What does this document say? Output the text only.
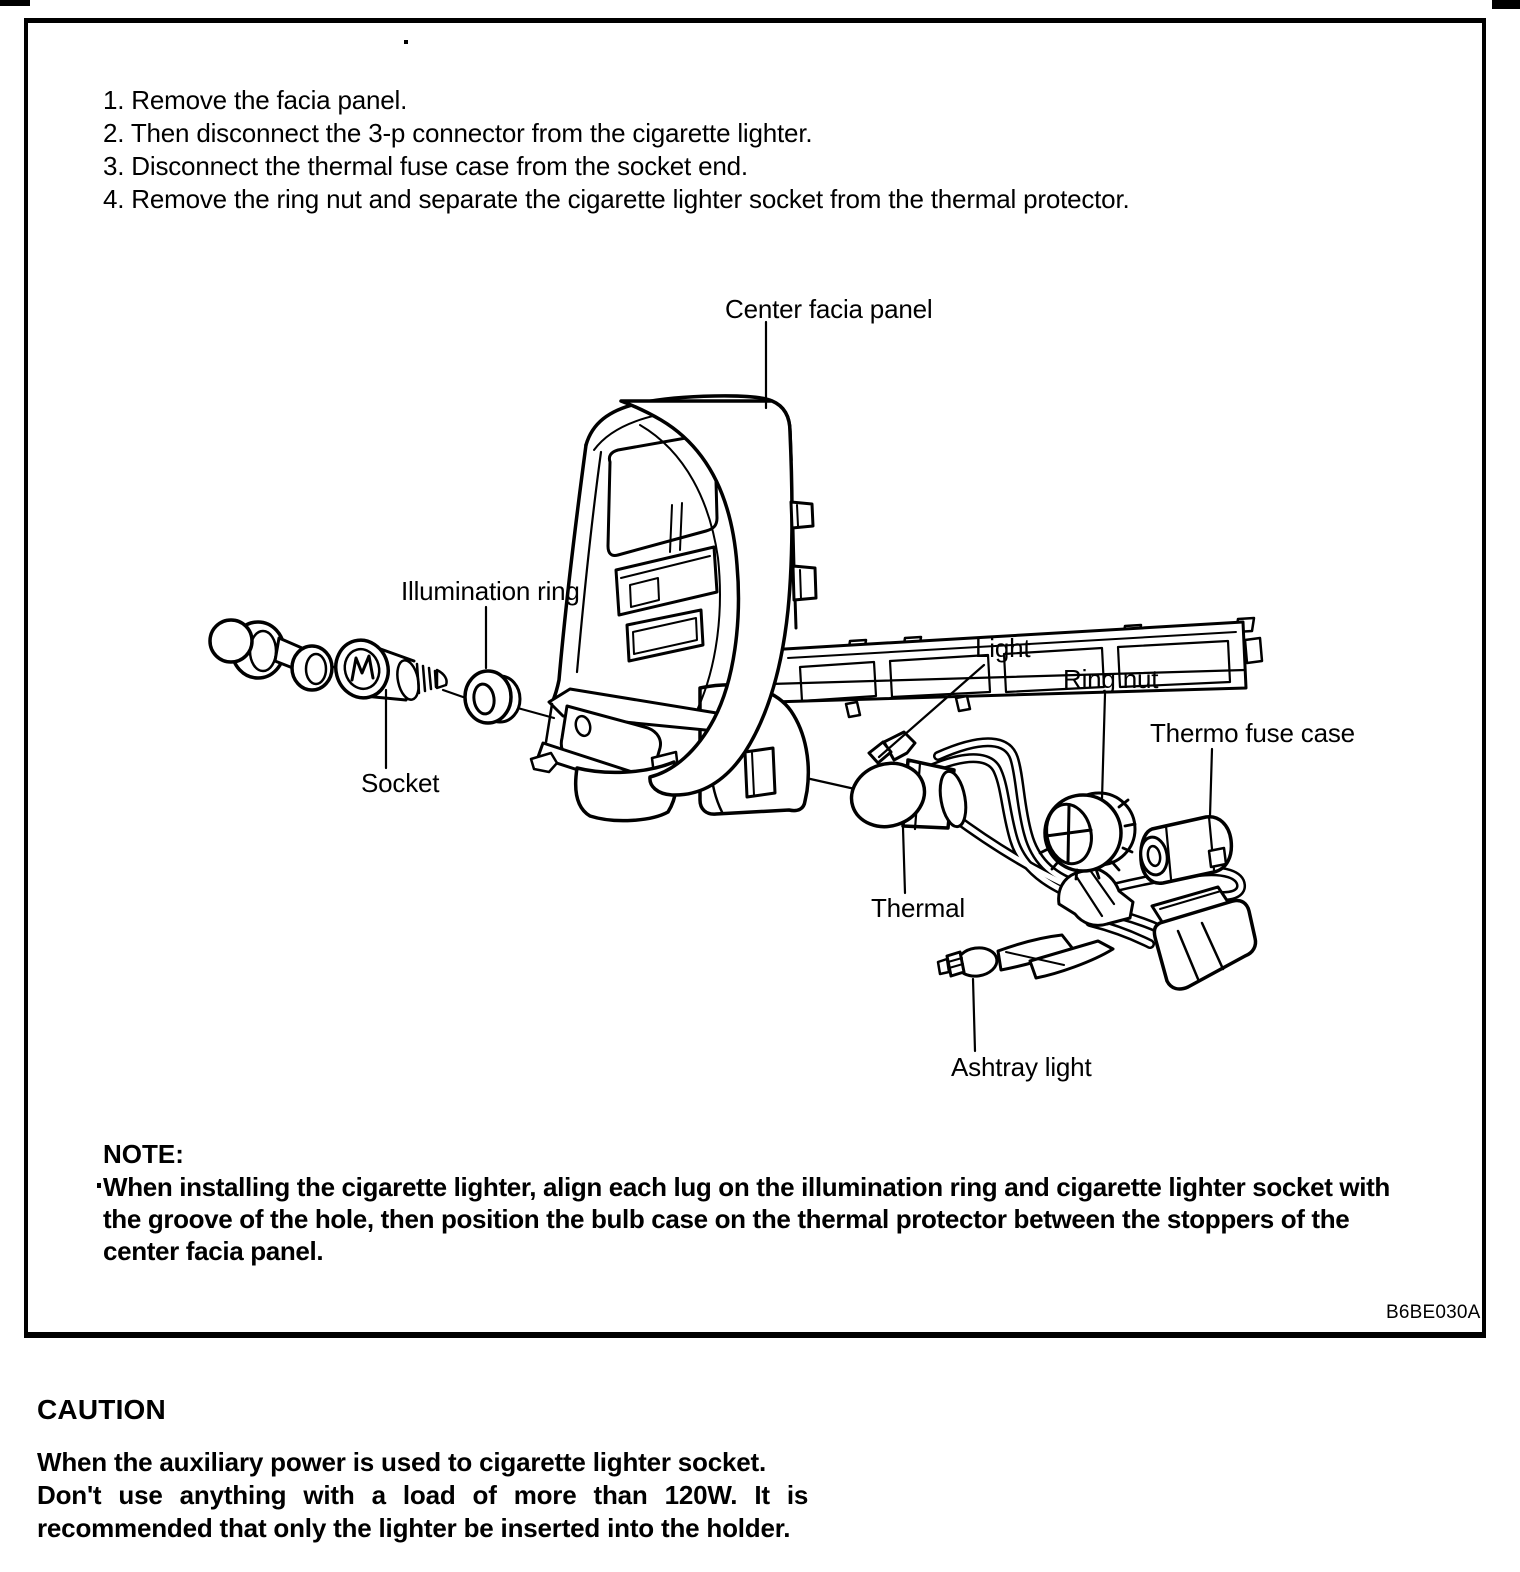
1. Remove the facia panel.
2. Then disconnect the 3-p connector from the cigarette lighter.
3. Disconnect the thermal fuse case from the socket end.
4. Remove the ring nut and separate the cigarette lighter socket from the thermal protector.
Center facia panel
Illumination ring
Socket
Light
Ring nut
Thermo fuse case
Thermal
Ashtray light
NOTE:
When installing the cigarette lighter, align each lug on the illumination ring and cigarette lighter socket with
the groove of the hole, then position the bulb case on the thermal protector between the stoppers of the
center facia panel.
B6BE030A
CAUTION
When the auxiliary power is used to cigarette lighter socket.
Don't use anything with a load of more than 120W. It is
recommended that only the lighter be inserted into the holder.
